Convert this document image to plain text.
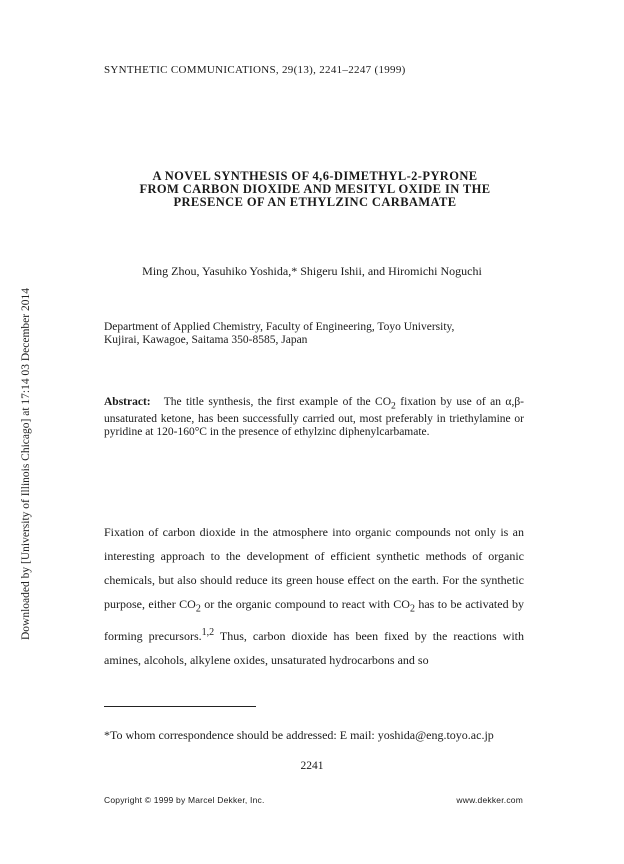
Downloaded by [University of Illinois Chicago] at 17:14 03 December 2014
SYNTHETIC COMMUNICATIONS, 29(13), 2241–2247 (1999)
A NOVEL SYNTHESIS OF 4,6-DIMETHYL-2-PYRONE
FROM CARBON DIOXIDE AND MESITYL OXIDE IN THE
PRESENCE OF AN ETHYLZINC CARBAMATE
Ming Zhou, Yasuhiko Yoshida,* Shigeru Ishii, and Hiromichi Noguchi
Department of Applied Chemistry, Faculty of Engineering, Toyo University,
Kujirai, Kawagoe, Saitama 350-8585, Japan
Abstract: The title synthesis, the first example of the $CO_2$ fixation by use of an α,β-unsaturated ketone, has been successfully carried out, most preferably in triethylamine or pyridine at 120-160°C in the presence of ethylzinc diphenylcarbamate.

Fixation of carbon dioxide in the atmosphere into organic compounds not only is an interesting approach to the development of efficient synthetic methods of organic chemicals, but also should reduce its green house effect on the earth. For the synthetic purpose, either $CO_2$ or the organic compound to react with $CO_2$ has to be activated by forming precursors.$^{1,2}$ Thus, carbon dioxide has been fixed by the reactions with amines, alcohols, alkylene oxides, unsaturated hydrocarbons and so

*To whom correspondence should be addressed: E mail: yoshida@eng.toyo.ac.jp
2241
Copyright © 1999 by Marcel Dekker, Inc.	www.dekker.com
